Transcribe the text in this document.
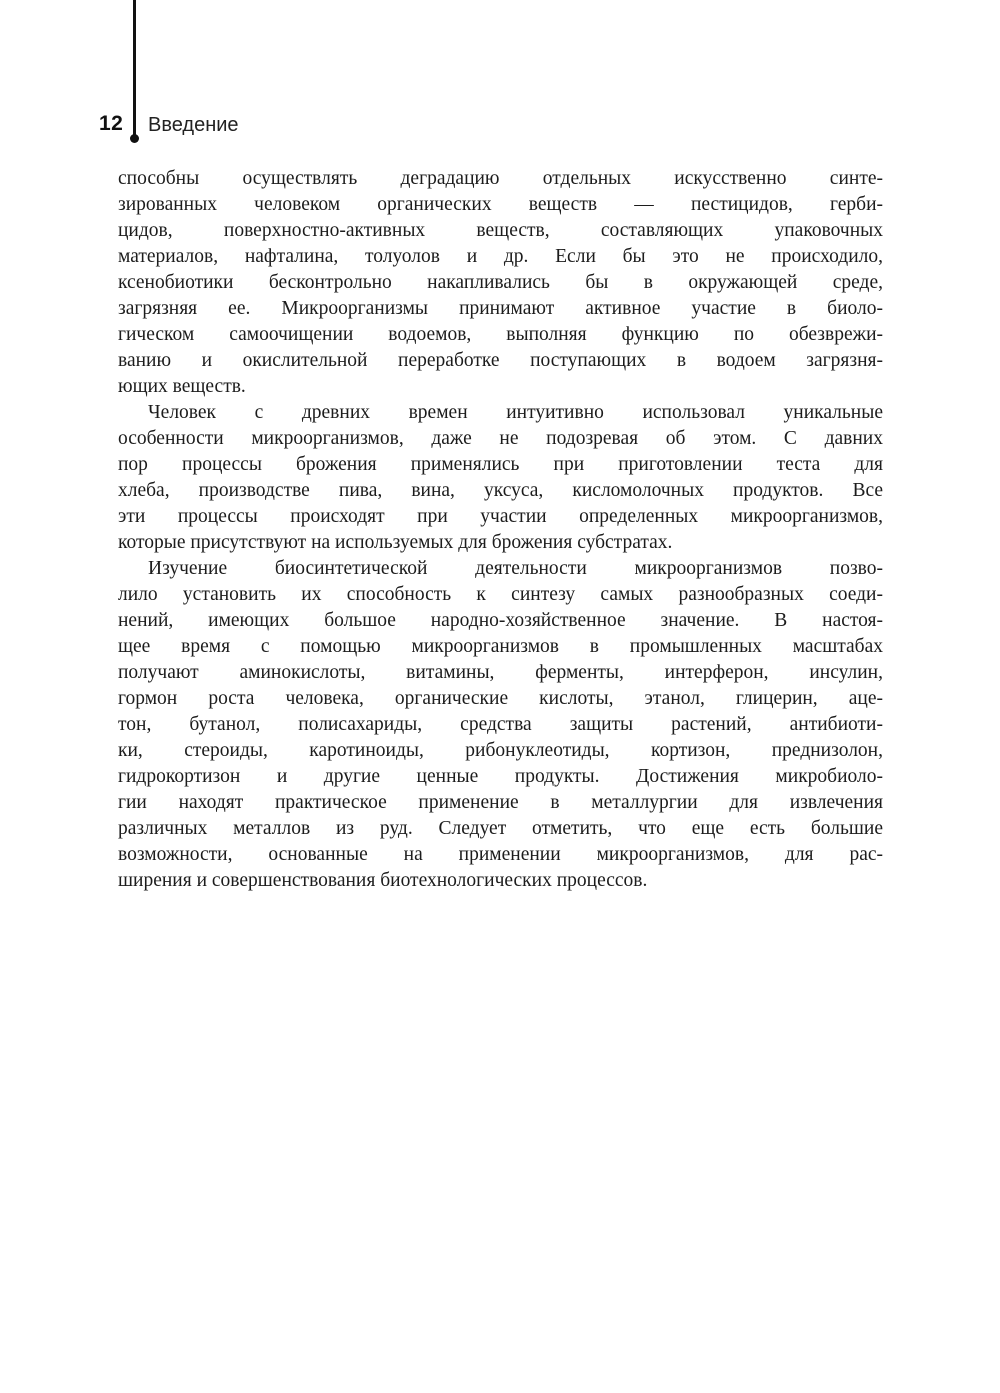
12 Введение
способны осуществлять деградацию отдельных искусственно синте-
зированных человеком органических веществ — пестицидов, герби-
цидов, поверхностно-активных веществ, составляющих упаковочных
материалов, нафталина, толуолов и др. Если бы это не происходило,
ксенобиотики бесконтрольно накапливались бы в окружающей среде,
загрязняя ее. Микроорганизмы принимают активное участие в биоло-
гическом самоочищении водоемов, выполняя функцию по обезврежи-
ванию и окислительной переработке поступающих в водоем загрязня-
ющих веществ.
Человек с древних времен интуитивно использовал уникальные
особенности микроорганизмов, даже не подозревая об этом. С давних
пор процессы брожения применялись при приготовлении теста для
хлеба, производстве пива, вина, уксуса, кисломолочных продуктов. Все
эти процессы происходят при участии определенных микроорганизмов,
которые присутствуют на используемых для брожения субстратах.
Изучение биосинтетической деятельности микроорганизмов позво-
лило установить их способность к синтезу самых разнообразных соеди-
нений, имеющих большое народно-хозяйственное значение. В настоя-
щее время с помощью микроорганизмов в промышленных масштабах
получают аминокислоты, витамины, ферменты, интерферон, инсулин,
гормон роста человека, органические кислоты, этанол, глицерин, аце-
тон, бутанол, полисахариды, средства защиты растений, антибиоти-
ки, стероиды, каротиноиды, рибонуклеотиды, кортизон, преднизолон,
гидрокортизон и другие ценные продукты. Достижения микробиоло-
гии находят практическое применение в металлургии для извлечения
различных металлов из руд. Следует отметить, что еще есть большие
возможности, основанные на применении микроорганизмов, для рас-
ширения и совершенствования биотехнологических процессов.
